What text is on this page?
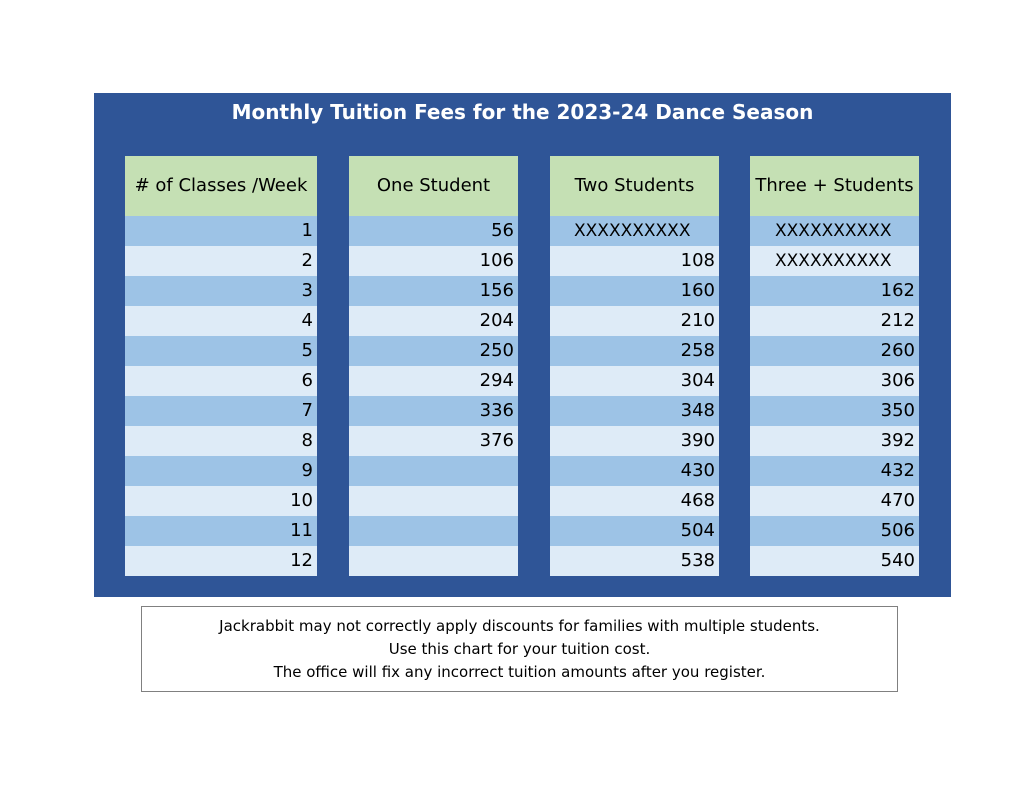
Monthly Tuition Fees for the 2023-24 Dance Season
# of Classes /Week
1
2
3
4
5
6
7
8
9
10
11
12
One Student
56
106
156
204
250
294
336
376
Two Students
XXXXXXXXXX
108
160
210
258
304
348
390
430
468
504
538
Three + Students
XXXXXXXXXX
XXXXXXXXXX
162
212
260
306
350
392
432
470
506
540
Jackrabbit may not correctly apply discounts for families with multiple students.
Use this chart for your tuition cost.
The office will fix any incorrect tuition amounts after you register.
